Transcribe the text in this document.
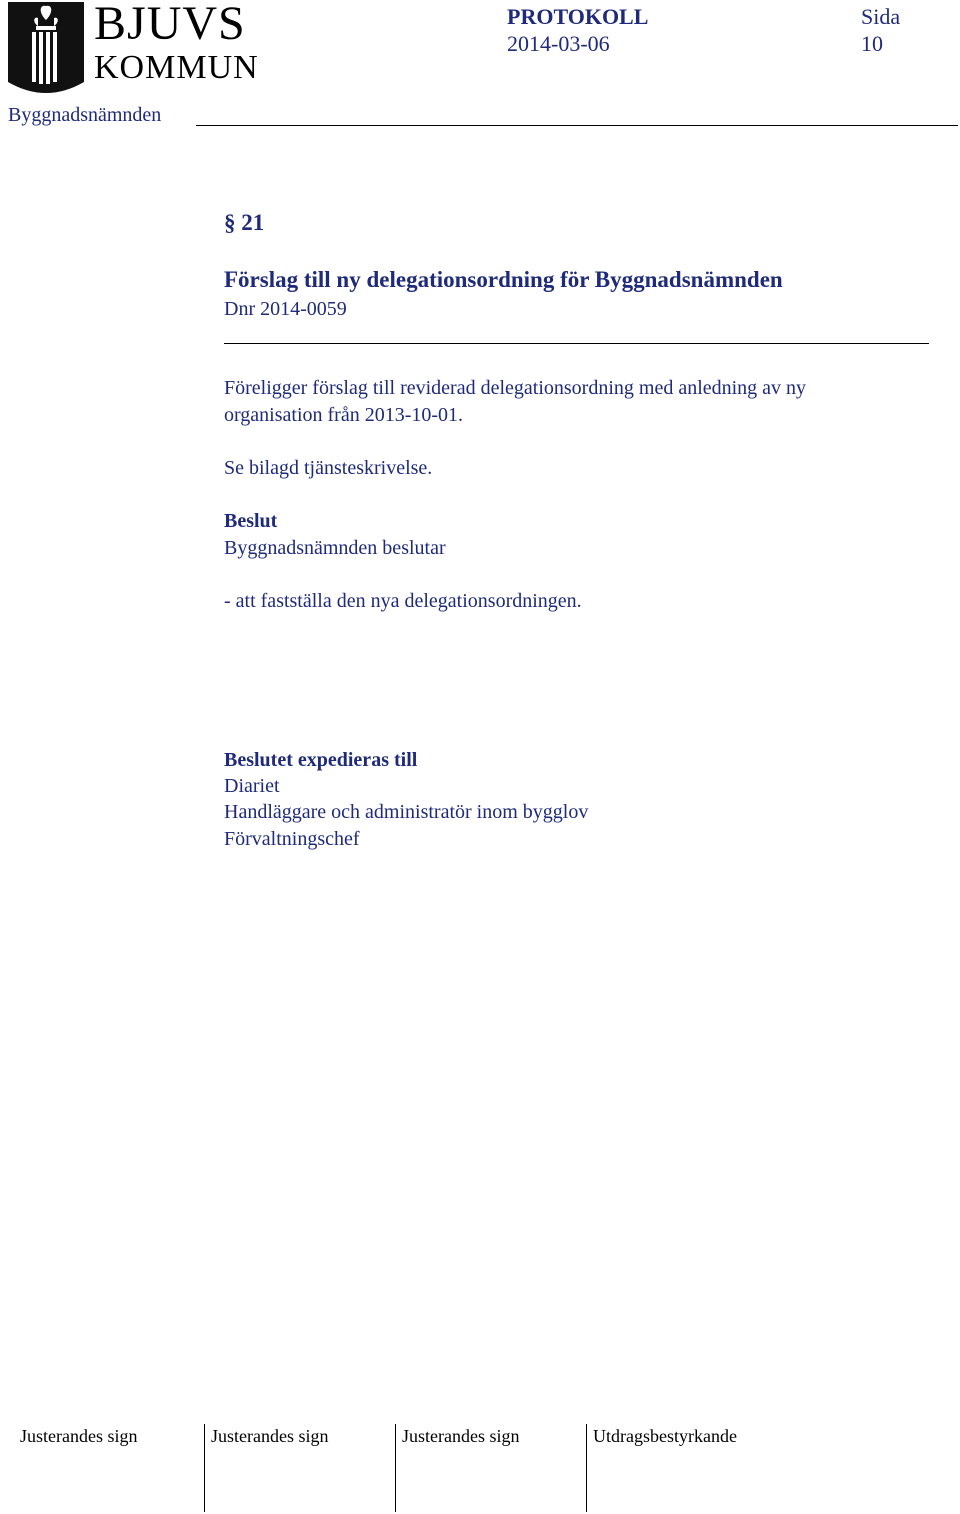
BJUVS
KOMMUN
PROTOKOLL
2014-03-06
Sida
10
Byggnadsnämnden
§ 21
Förslag till ny delegationsordning för Byggnadsnämnden
Dnr 2014-0059
Föreligger förslag till reviderad delegationsordning med anledning av ny
organisation från 2013-10-01.
Se bilagd tjänsteskrivelse.
Beslut
Byggnadsnämnden beslutar
- att fastställa den nya delegationsordningen.
Beslutet expedieras till
Diariet
Handläggare och administratör inom bygglov
Förvaltningschef
Justerandes sign	Justerandes sign	Justerandes sign	Utdragsbestyrkande
